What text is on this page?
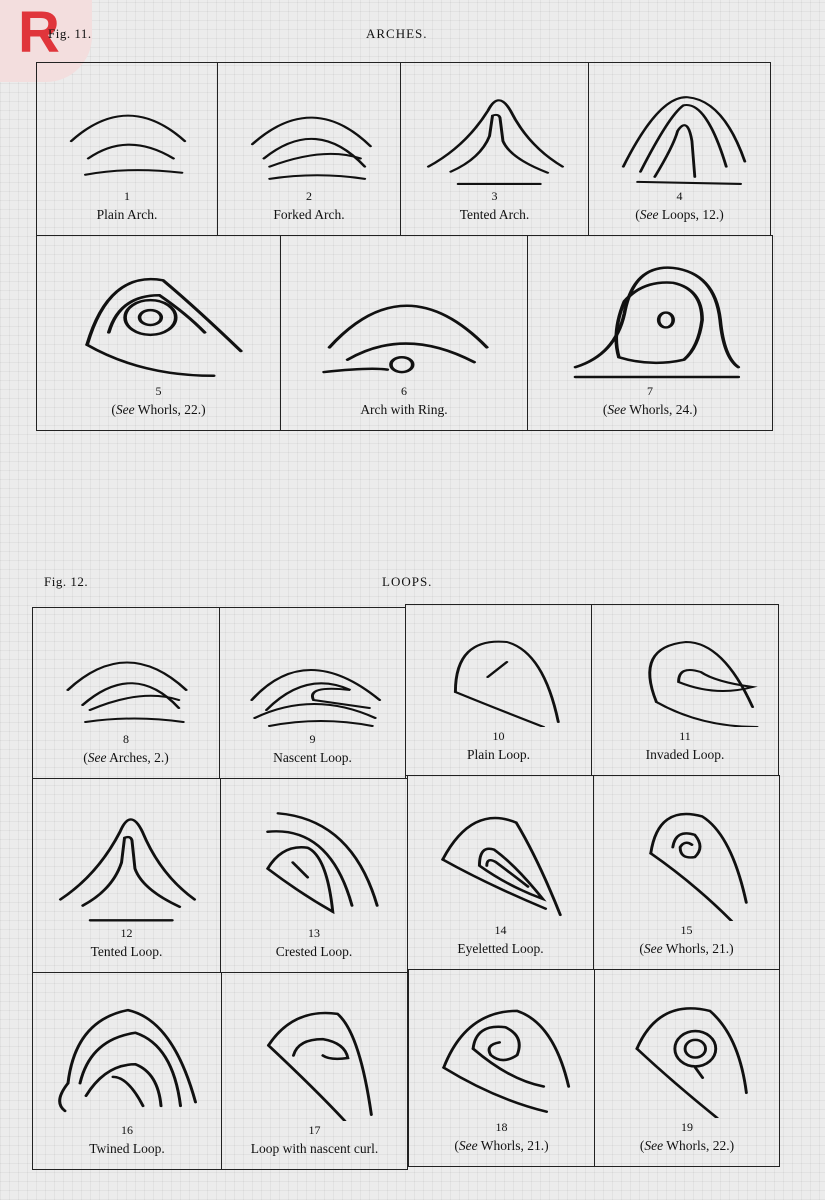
R
Fig. 11.	ARCHES.
1
Plain Arch.
2
Forked Arch.
3
Tented Arch.
4
(See Loops, 12.)
5
(See Whorls, 22.)
6
Arch with Ring.
7
(See Whorls, 24.)
Fig. 12.	LOOPS.
8
(See Arches, 2.)
9
Nascent Loop.
10
Plain Loop.
11
Invaded Loop.
12
Tented Loop.
13
Crested Loop.
14
Eyeletted Loop.
15
(See Whorls, 21.)
16
Twined Loop.
17
Loop with nascent curl.
18
(See Whorls, 21.)
19
(See Whorls, 22.)
